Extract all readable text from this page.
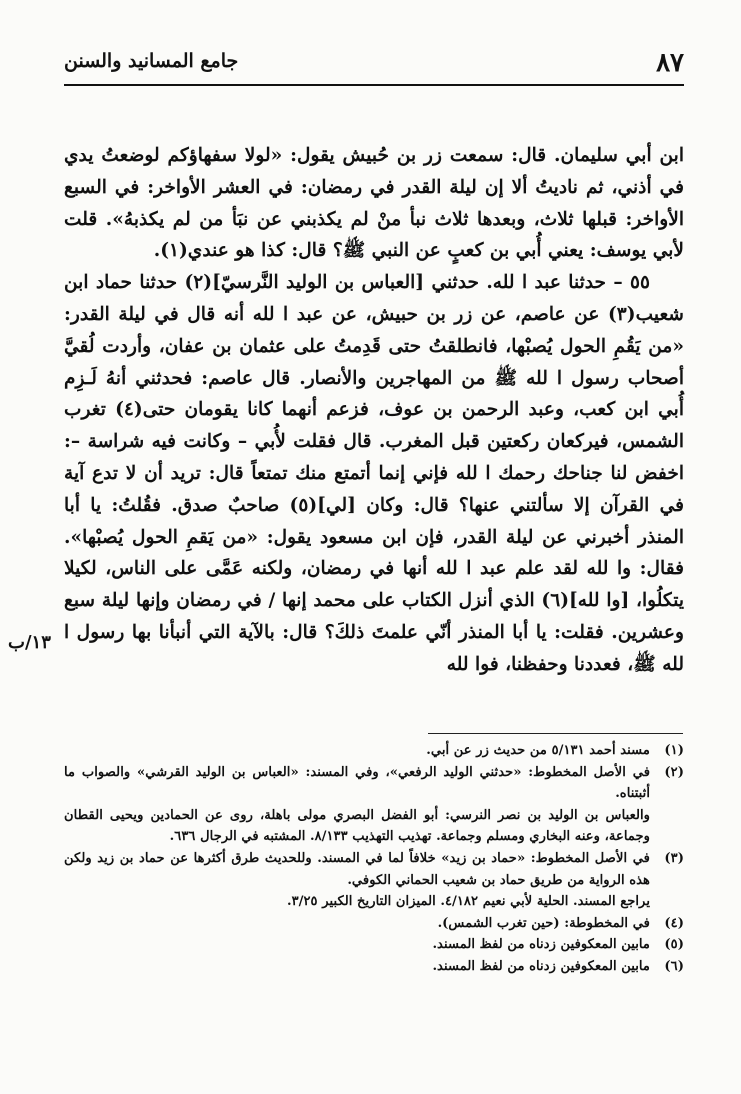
٨٧
جامع المسانيد والسنن

ابن أبي سليمان. قال: سمعت زر بن حُبيش يقول: «لولا سفهاؤكم لوضعتُ يدي في أذني، ثم ناديتُ ألا إن ليلة القدر في رمضان: في العشر الأواخر: في السبع الأواخر: قبلها ثلاث، وبعدها ثلاث نبأ منْ لم يكذبني عن نبَأ من لم يكذبهُ». قلت لأبي يوسف: يعني أُبي بن كعبٍ عن النبي ﷺ؟ قال: كذا هو عندي(١).

٥٥ – حدثنا عبد ا لله. حدثني [العباس بن الوليد النَّرسيّ](٢) حدثنا حماد ابن شعيب(٣) عن عاصم، عن زر بن حبيش، عن عبد ا لله أنه قال في ليلة القدر: «من يَقُمِ الحول يُصبْها، فانطلقتُ حتى قَدِمتُ على عثمان بن عفان، وأردت لُقيَّ أصحاب رسول ا لله ﷺ من المهاجرين والأنصار. قال عاصم: فحدثني أنهُ لَـزِم أُبي ابن كعب، وعبد الرحمن بن عوف، فزعم أنهما كانا يقومان حتى(٤) تغرب الشمس، فيركعان ركعتين قبل المغرب. قال فقلت لأُبي – وكانت فيه شراسة –: اخفض لنا جناحك رحمك ا لله فإني إنما أتمتع منك تمتعاً قال: تريد أن لا تدع آية في القرآن إلا سألتني عنها؟ قال: وكان [لي](٥) صاحبٌ صدق. فقُلتُ: يا أبا المنذر أخبرني عن ليلة القدر، فإن ابن مسعود يقول: «من يَقمِ الحول يُصبْها». فقال: وا لله لقد علم عبد ا لله أنها في رمضان، ولكنه عَمَّى على الناس، لكيلا يتكلُوا، [وا لله](٦) الذي أنزل الكتاب على محمد إنها / في رمضان وإنها ليلة سبع وعشرين. فقلت: يا أبا المنذر أنّي علمتَ ذلكَ؟ قال: بالآية التي أنبأنا بها رسول ا لله ﷺ، فعددنا وحفظنا، فوا لله

١٣/ب
(١)
مسند أحمد ٥/١٣١ من حديث زر عن أبي.
(٢)
في الأصل المخطوط: «حدثني الوليد الرفعي»، وفي المسند: «العباس بن الوليد القرشي» والصواب ما أثبتناه.

والعباس بن الوليد بن نصر النرسي: أبو الفضل البصري مولى باهلة، روى عن الحمادين ويحيى القطان وجماعة، وعنه البخاري ومسلم وجماعة. تهذيب التهذيب ٨/١٣٣. المشتبه في الرجال ٦٣٦.

(٣)
في الأصل المخطوط: «حماد بن زيد» خلافاً لما في المسند. وللحديث طرق أكثرها عن حماد بن زيد ولكن هذه الرواية من طريق حماد بن شعيب الحماني الكوفي.

يراجع المسند. الحلية لأبي نعيم ٤/١٨٢. الميزان التاريخ الكبير ٣/٢٥.

(٤)
في المخطوطة: (حين تغرب الشمس).
(٥)
مابين المعكوفين زدناه من لفظ المسند.
(٦)
مابين المعكوفين زدناه من لفظ المسند.
